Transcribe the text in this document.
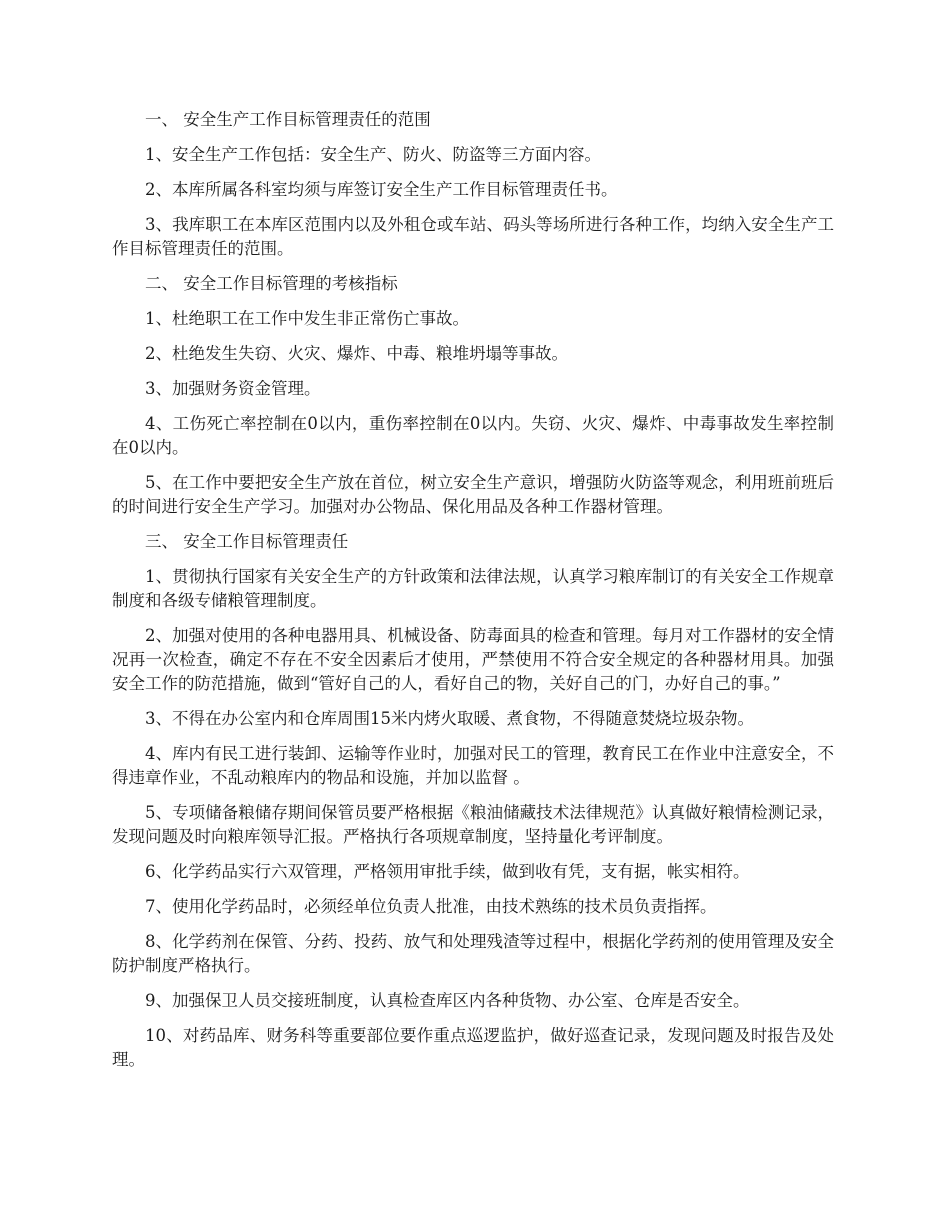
一、 安全生产工作目标管理责任的范围

1、安全生产工作包括：安全生产、防火、防盗等三方面内容。

2、本库所属各科室均须与库签订安全生产工作目标管理责任书。

3、我库职工在本库区范围内以及外租仓或车站、码头等场所进行各种工作，均纳入安全生产工作目标管理责任的范围。

二、 安全工作目标管理的考核指标

1、杜绝职工在工作中发生非正常伤亡事故。

2、杜绝发生失窃、火灾、爆炸、中毒、粮堆坍塌等事故。

3、加强财务资金管理。

4、工伤死亡率控制在0以内，重伤率控制在0以内。失窃、火灾、爆炸、中毒事故发生率控制在0以内。

5、在工作中要把安全生产放在首位，树立安全生产意识，增强防火防盗等观念，利用班前班后的时间进行安全生产学习。加强对办公物品、保化用品及各种工作器材管理。

三、 安全工作目标管理责任

1、贯彻执行国家有关安全生产的方针政策和法律法规，认真学习粮库制订的有关安全工作规章制度和各级专储粮管理制度。

2、加强对使用的各种电器用具、机械设备、防毒面具的检查和管理。每月对工作器材的安全情况再一次检查，确定不存在不安全因素后才使用，严禁使用不符合安全规定的各种器材用具。加强安全工作的防范措施，做到“管好自己的人，看好自己的物，关好自己的门，办好自己的事。”

3、不得在办公室内和仓库周围15米内烤火取暖、煮食物，不得随意焚烧垃圾杂物。

4、库内有民工进行装卸、运输等作业时，加强对民工的管理，教育民工在作业中注意安全，不得违章作业，不乱动粮库内的物品和设施，并加以监督 。

5、专项储备粮储存期间保管员要严格根据《粮油储藏技术法律规范》认真做好粮情检测记录，发现问题及时向粮库领导汇报。严格执行各项规章制度，坚持量化考评制度。

6、化学药品实行六双管理，严格领用审批手续，做到收有凭，支有据，帐实相符。

7、使用化学药品时，必须经单位负责人批准，由技术熟练的技术员负责指挥。

8、化学药剂在保管、分药、投药、放气和处理残渣等过程中，根据化学药剂的使用管理及安全防护制度严格执行。

9、加强保卫人员交接班制度，认真检查库区内各种货物、办公室、仓库是否安全。

10、对药品库、财务科等重要部位要作重点巡逻监护，做好巡查记录，发现问题及时报告及处理。
